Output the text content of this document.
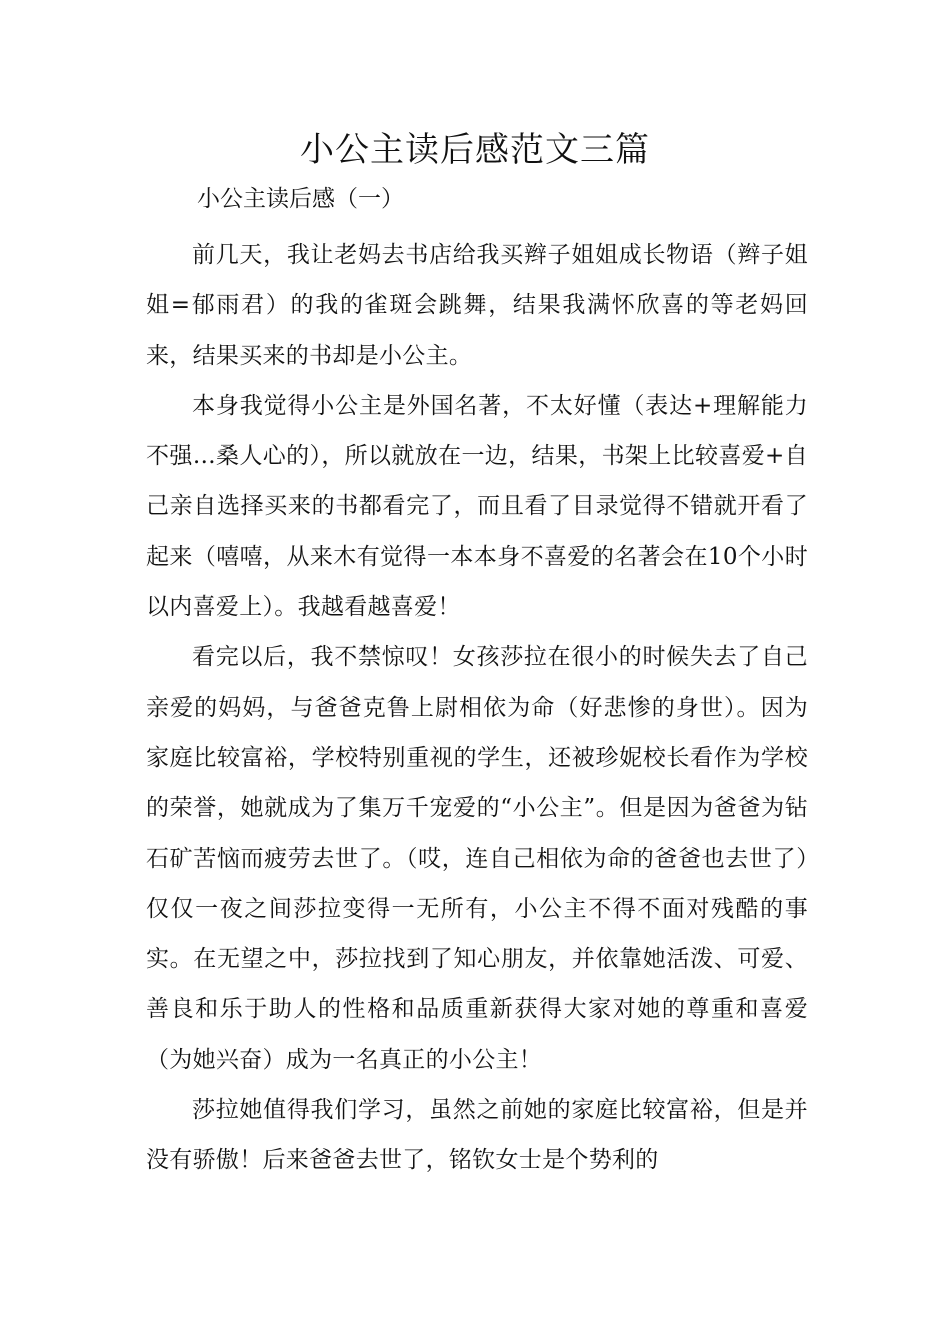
小公主读后感范文三篇

小公主读后感（一）

前几天，我让老妈去书店给我买辫子姐姐成长物语（辫子姐姐=郁雨君）的我的雀斑会跳舞，结果我满怀欣喜的等老妈回来，结果买来的书却是小公主。

本身我觉得小公主是外国名著，不太好懂（表达+理解能力不强…桑人心的），所以就放在一边，结果，书架上比较喜爱+自己亲自选择买来的书都看完了，而且看了目录觉得不错就开看了起来（嘻嘻，从来木有觉得一本本身不喜爱的名著会在10个小时以内喜爱上）。我越看越喜爱！

看完以后，我不禁惊叹！女孩莎拉在很小的时候失去了自己亲爱的妈妈，与爸爸克鲁上尉相依为命（好悲惨的身世）。因为家庭比较富裕，学校特别重视的学生，还被珍妮校长看作为学校的荣誉，她就成为了集万千宠爱的“小公主”。但是因为爸爸为钻石矿苦恼而疲劳去世了。（哎，连自己相依为命的爸爸也去世了）仅仅一夜之间莎拉变得一无所有，小公主不得不面对残酷的事实。在无望之中，莎拉找到了知心朋友，并依靠她活泼、可爱、善良和乐于助人的性格和品质重新获得大家对她的尊重和喜爱（为她兴奋）成为一名真正的小公主！

莎拉她值得我们学习，虽然之前她的家庭比较富裕，但是并没有骄傲！后来爸爸去世了，铭钦女士是个势利的
